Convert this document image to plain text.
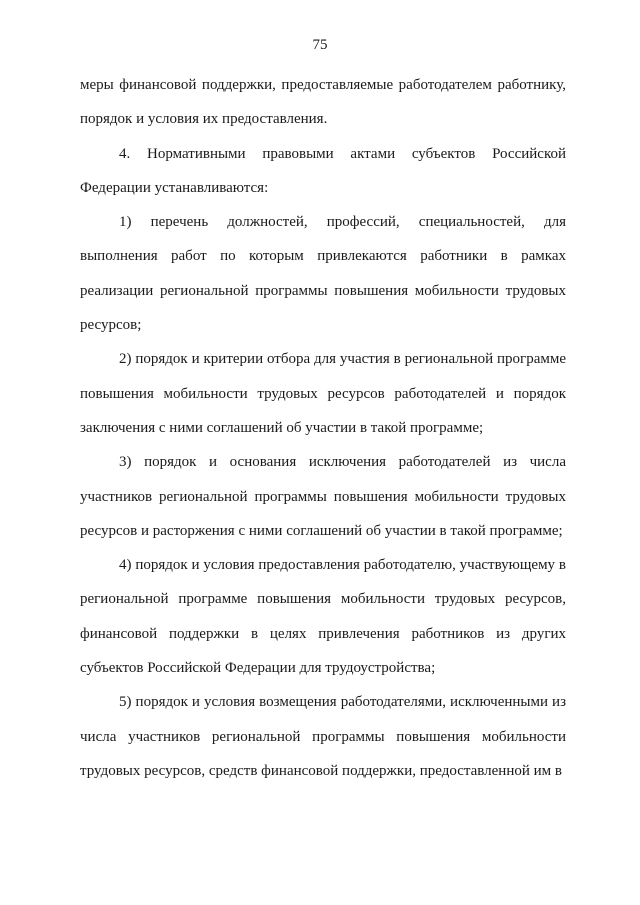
75

меры финансовой поддержки, предоставляемые работодателем работнику, порядок и условия их предоставления.

4. Нормативными правовыми актами субъектов Российской Федерации устанавливаются:

1) перечень должностей, профессий, специальностей, для выполнения работ по которым привлекаются работники в рамках реализации региональной программы повышения мобильности трудовых ресурсов;

2) порядок и критерии отбора для участия в региональной программе повышения мобильности трудовых ресурсов работодателей и порядок заключения с ними соглашений об участии в такой программе;

3) порядок и основания исключения работодателей из числа участников региональной программы повышения мобильности трудовых ресурсов и расторжения с ними соглашений об участии в такой программе;

4) порядок и условия предоставления работодателю, участвующему в региональной программе повышения мобильности трудовых ресурсов, финансовой поддержки в целях привлечения работников из других субъектов Российской Федерации для трудоустройства;

5) порядок и условия возмещения работодателями, исключенными из числа участников региональной программы повышения мобильности трудовых ресурсов, средств финансовой поддержки, предоставленной им в
